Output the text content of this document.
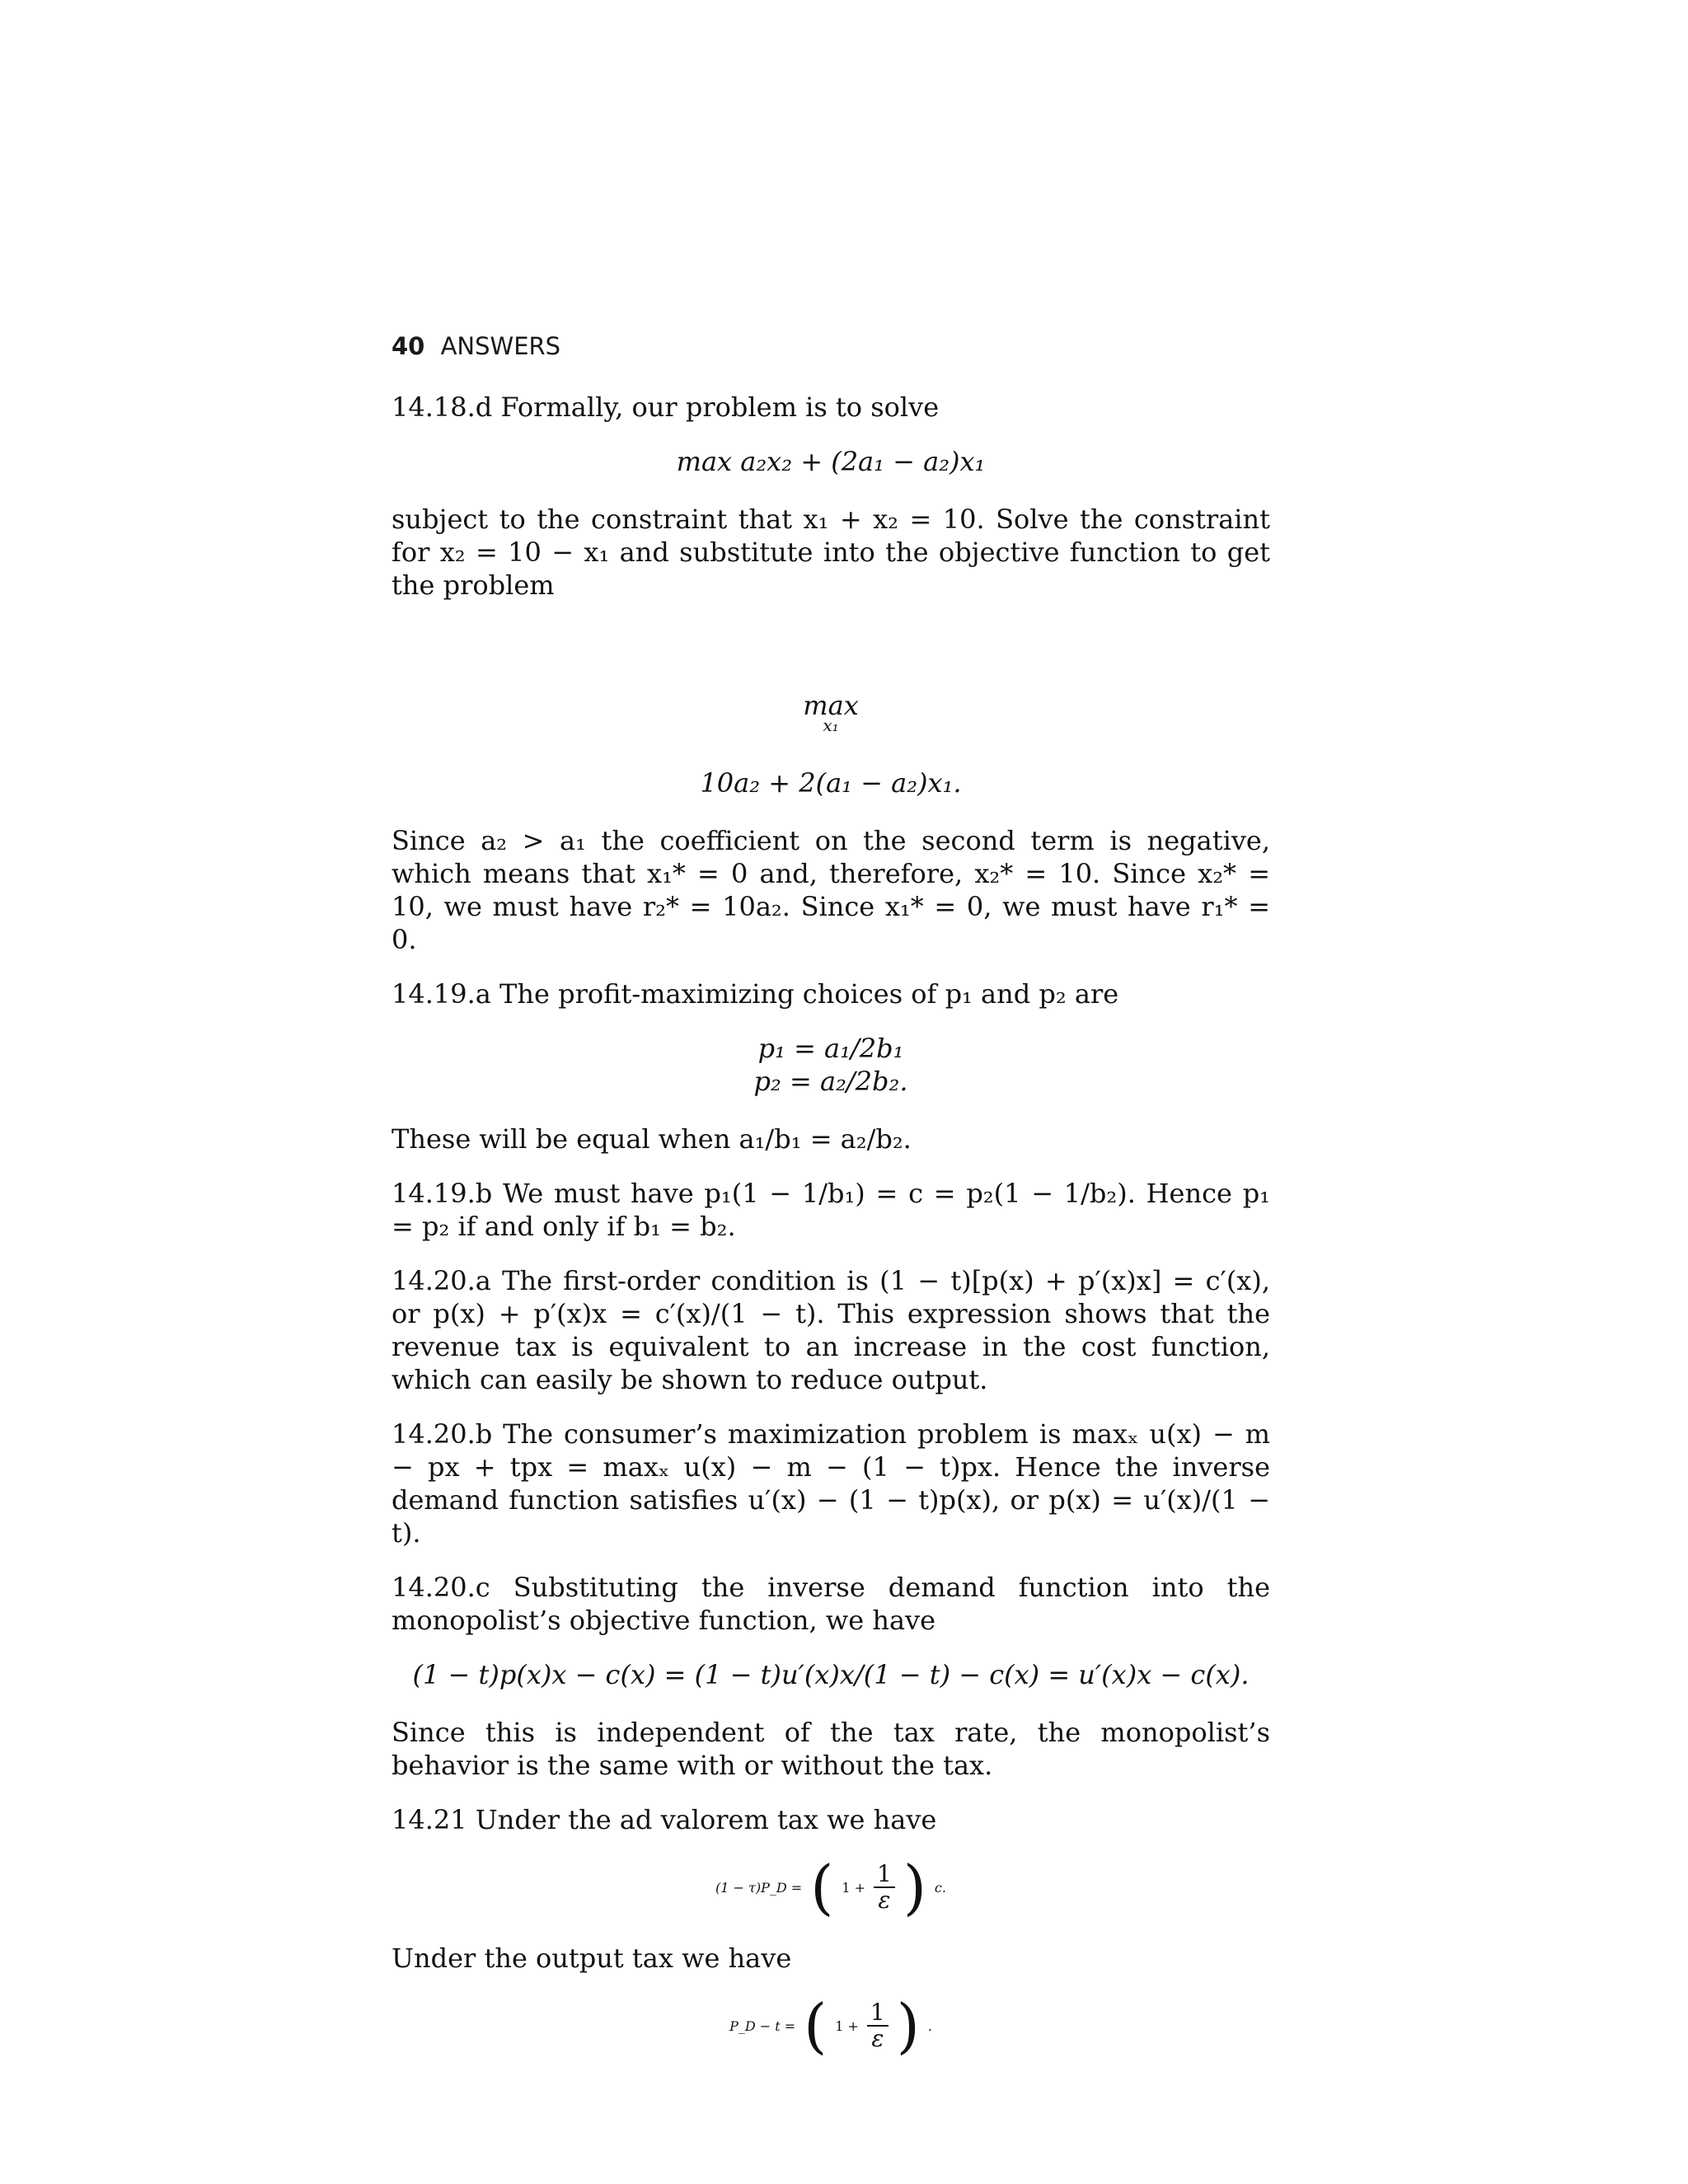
40 ANSWERS

14.18.d Formally, our problem is to solve

max a₂x₂ + (2a₁ − a₂)x₁

subject to the constraint that x₁ + x₂ = 10. Solve the constraint for x₂ = 10 − x₁ and substitute into the objective function to get the problem

max

x₁

10a₂ + 2(a₁ − a₂)x₁.

Since a₂ > a₁ the coefficient on the second term is negative, which means that x₁* = 0 and, therefore, x₂* = 10. Since x₂* = 10, we must have r₂* = 10a₂. Since x₁* = 0, we must have r₁* = 0.

14.19.a The profit-maximizing choices of p₁ and p₂ are

p₁ = a₁/2b₁
p₂ = a₂/2b₂.

These will be equal when a₁/b₁ = a₂/b₂.

14.19.b We must have p₁(1 − 1/b₁) = c = p₂(1 − 1/b₂). Hence p₁ = p₂ if and only if b₁ = b₂.

14.20.a The first-order condition is (1 − t)[p(x) + p′(x)x] = c′(x), or p(x) + p′(x)x = c′(x)/(1 − t). This expression shows that the revenue tax is equivalent to an increase in the cost function, which can easily be shown to reduce output.

14.20.b The consumer’s maximization problem is maxₓ u(x) − m − px + tpx = maxₓ u(x) − m − (1 − t)px. Hence the inverse demand function satisfies u′(x) − (1 − t)p(x), or p(x) = u′(x)/(1 − t).

14.20.c Substituting the inverse demand function into the monopolist’s objective function, we have

(1 − t)p(x)x − c(x) = (1 − t)u′(x)x/(1 − t) − c(x) = u′(x)x − c(x).

Since this is independent of the tax rate, the monopolist’s behavior is the same with or without the tax.

14.21 Under the ad valorem tax we have

(1 − τ)P_D = ( $1 + \frac{1}{\varepsilon}$ ) c.

Under the output tax we have

P_D − t = ( $1 + \frac{1}{\varepsilon}$ ) .
